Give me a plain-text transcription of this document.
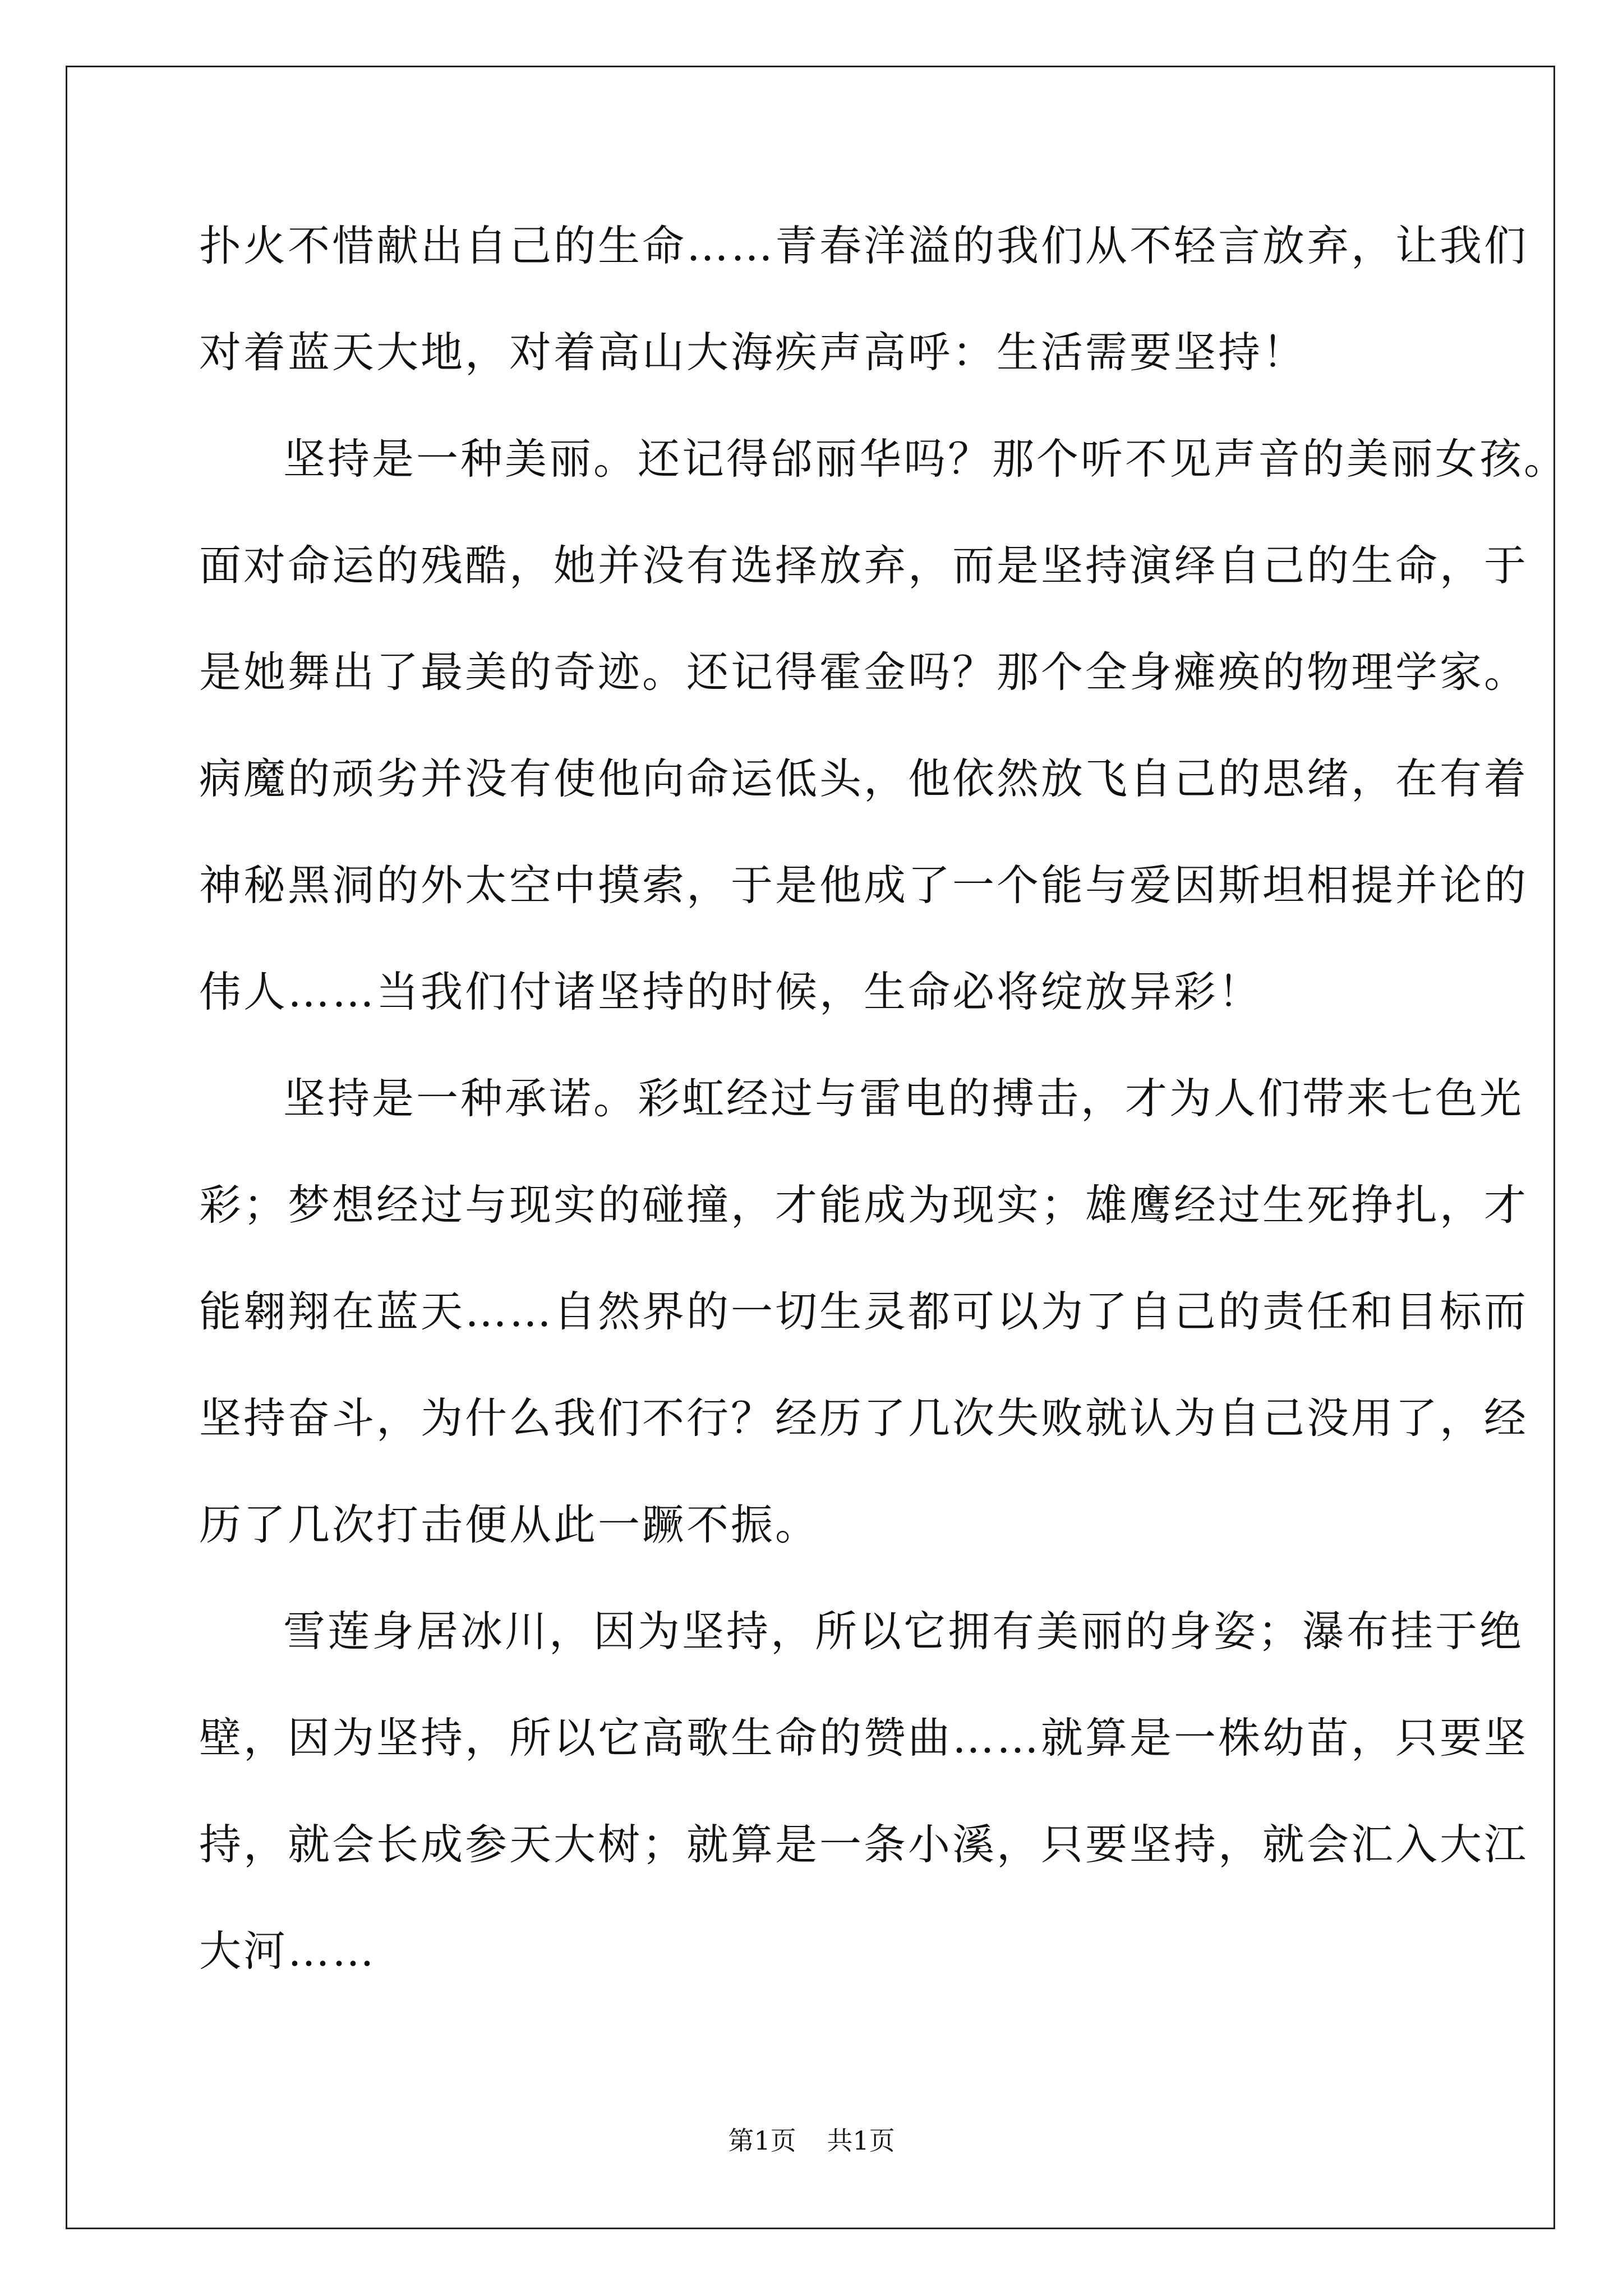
扑火不惜献出自己的生命……青春洋溢的我们从不轻言放弃，让我们
对着蓝天大地，对着高山大海疾声高呼：生活需要坚持！
坚持是一种美丽。还记得邰丽华吗？那个听不见声音的美丽女孩。
面对命运的残酷，她并没有选择放弃，而是坚持演绎自己的生命，于
是她舞出了最美的奇迹。还记得霍金吗？那个全身瘫痪的物理学家。
病魔的顽劣并没有使他向命运低头，他依然放飞自己的思绪，在有着
神秘黑洞的外太空中摸索，于是他成了一个能与爱因斯坦相提并论的
伟人……当我们付诸坚持的时候，生命必将绽放异彩！
坚持是一种承诺。彩虹经过与雷电的搏击，才为人们带来七色光
彩；梦想经过与现实的碰撞，才能成为现实；雄鹰经过生死挣扎，才
能翱翔在蓝天……自然界的一切生灵都可以为了自己的责任和目标而
坚持奋斗，为什么我们不行？经历了几次失败就认为自己没用了，经
历了几次打击便从此一蹶不振。
雪莲身居冰川，因为坚持，所以它拥有美丽的身姿；瀑布挂于绝
壁，因为坚持，所以它高歌生命的赞曲……就算是一株幼苗，只要坚
持，就会长成参天大树；就算是一条小溪，只要坚持，就会汇入大江
大河……
第1页 共1页
